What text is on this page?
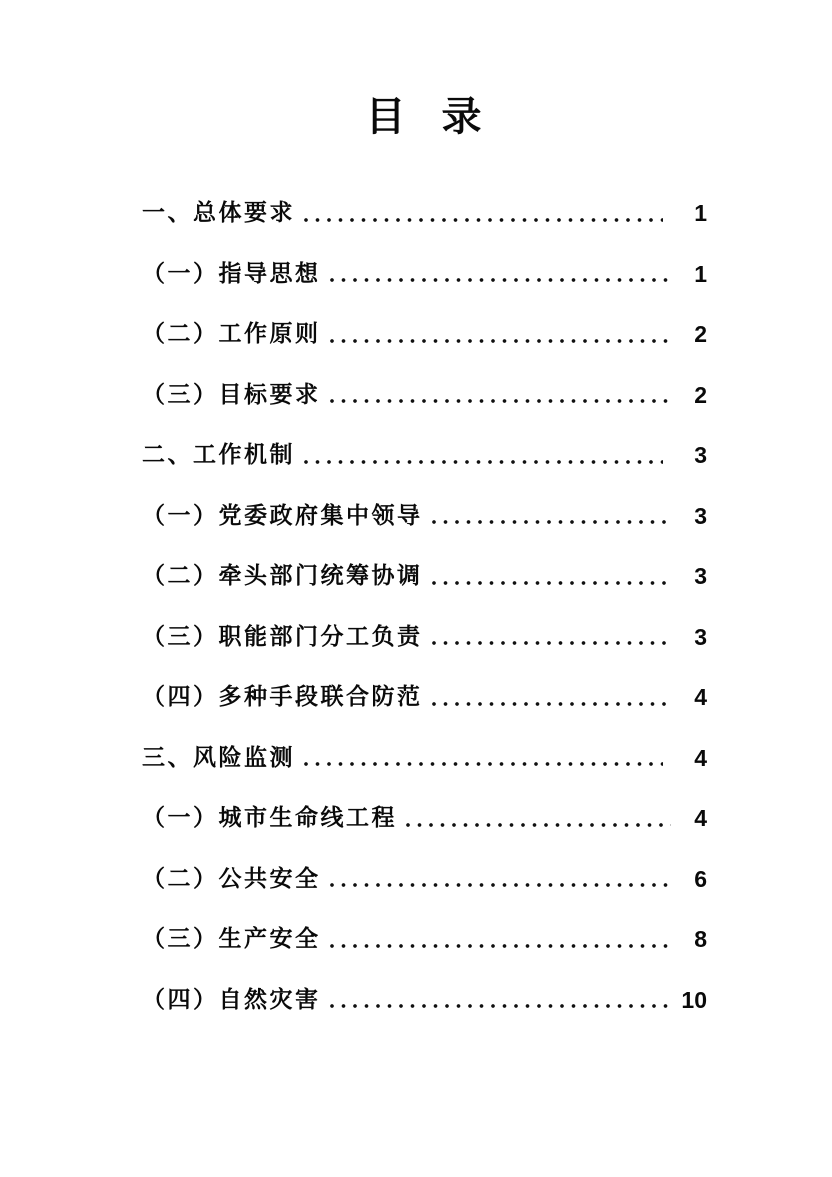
目 录
一、总体要求	1
（一）指导思想	1
（二）工作原则	2
（三）目标要求	2
二、工作机制	3
（一）党委政府集中领导	3
（二）牵头部门统筹协调	3
（三）职能部门分工负责	3
（四）多种手段联合防范	4
三、风险监测	4
（一）城市生命线工程	4
（二）公共安全	6
（三）生产安全	8
（四）自然灾害	10
